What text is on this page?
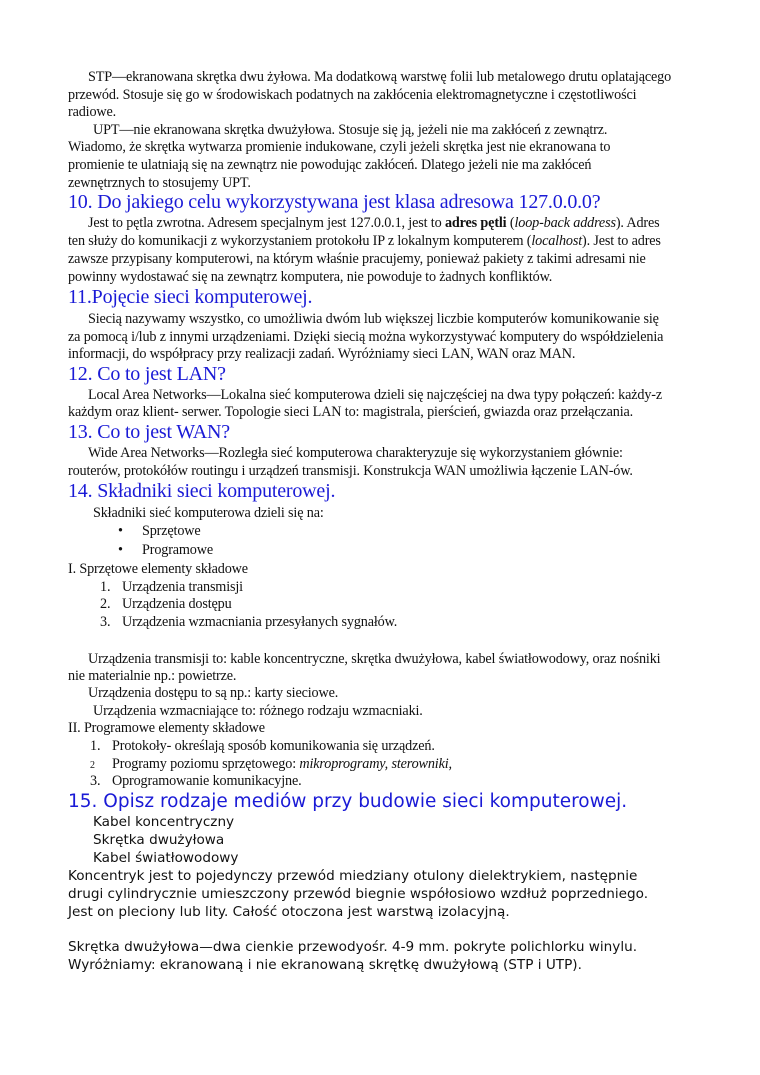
STP—ekranowana skrętka dwu żyłowa. Ma dodatkową warstwę folii lub metalowego drutu oplatającego
przewód. Stosuje się go w środowiskach podatnych na zakłócenia elektromagnetyczne i częstotliwości
radiowe.
UPT—nie ekranowana skrętka dwużyłowa. Stosuje się ją, jeżeli nie ma zakłóceń z zewnątrz.
Wiadomo, że skrętka wytwarza promienie indukowane, czyli jeżeli skrętka jest nie ekranowana to
promienie te ulatniają się na zewnątrz nie powodując zakłóceń. Dlatego jeżeli nie ma zakłóceń
zewnętrznych to stosujemy UPT.
10. Do jakiego celu wykorzystywana jest klasa adresowa 127.0.0.0?
Jest to pętla zwrotna. Adresem specjalnym jest 127.0.0.1, jest to adres pętli (loop-back address). Adres
ten służy do komunikacji z wykorzystaniem protokołu IP z lokalnym komputerem (localhost). Jest to adres
zawsze przypisany komputerowi, na którym właśnie pracujemy, ponieważ pakiety z takimi adresami nie
powinny wydostawać się na zewnątrz komputera, nie powoduje to żadnych konfliktów.
11.Pojęcie sieci komputerowej.
Siecią nazywamy wszystko, co umożliwia dwóm lub większej liczbie komputerów komunikowanie się
za pomocą i/lub z innymi urządzeniami. Dzięki siecią można wykorzystywać komputery do współdzielenia
informacji, do współpracy przy realizacji zadań. Wyróżniamy sieci LAN, WAN oraz MAN.
12. Co to jest LAN?
Local Area Networks—Lokalna sieć komputerowa dzieli się najczęściej na dwa typy połączeń: każdy-z
każdym oraz klient- serwer. Topologie sieci LAN to: magistrala, pierścień, gwiazda oraz przełączania.
13. Co to jest WAN?
Wide Area Networks—Rozległa sieć komputerowa charakteryzuje się wykorzystaniem głównie:
routerów, protokółów routingu i urządzeń transmisji. Konstrukcja WAN umożliwia łączenie LAN-ów.
14. Składniki sieci komputerowej.
Składniki sieć komputerowa dzieli się na:
• Sprzętowe
• Programowe
I. Sprzętowe elementy składowe
1. Urządzenia transmisji
2. Urządzenia dostępu
3. Urządzenia wzmacniania przesyłanych sygnałów.
Urządzenia transmisji to: kable koncentryczne, skrętka dwużyłowa, kabel światłowodowy, oraz nośniki
nie materialnie np.: powietrze.
Urządzenia dostępu to są np.: karty sieciowe.
Urządzenia wzmacniające to: różnego rodzaju wzmacniaki.
II. Programowe elementy składowe
1. Protokoły- określają sposób komunikowania się urządzeń.
2 Programy poziomu sprzętowego: mikroprogramy, sterowniki,
3. Oprogramowanie komunikacyjne.
15. Opisz rodzaje mediów przy budowie sieci komputerowej.
Kabel koncentryczny
Skrętka dwużyłowa
Kabel światłowodowy
Koncentryk jest to pojedynczy przewód miedziany otulony dielektrykiem, następnie
drugi cylindrycznie umieszczony przewód biegnie współosiowo wzdłuż poprzedniego.
Jest on pleciony lub lity. Całość otoczona jest warstwą izolacyjną.
Skrętka dwużyłowa—dwa cienkie przewodyośr. 4-9 mm. pokryte polichlorku winylu.
Wyróżniamy: ekranowaną i nie ekranowaną skrętkę dwużyłową (STP i UTP).
